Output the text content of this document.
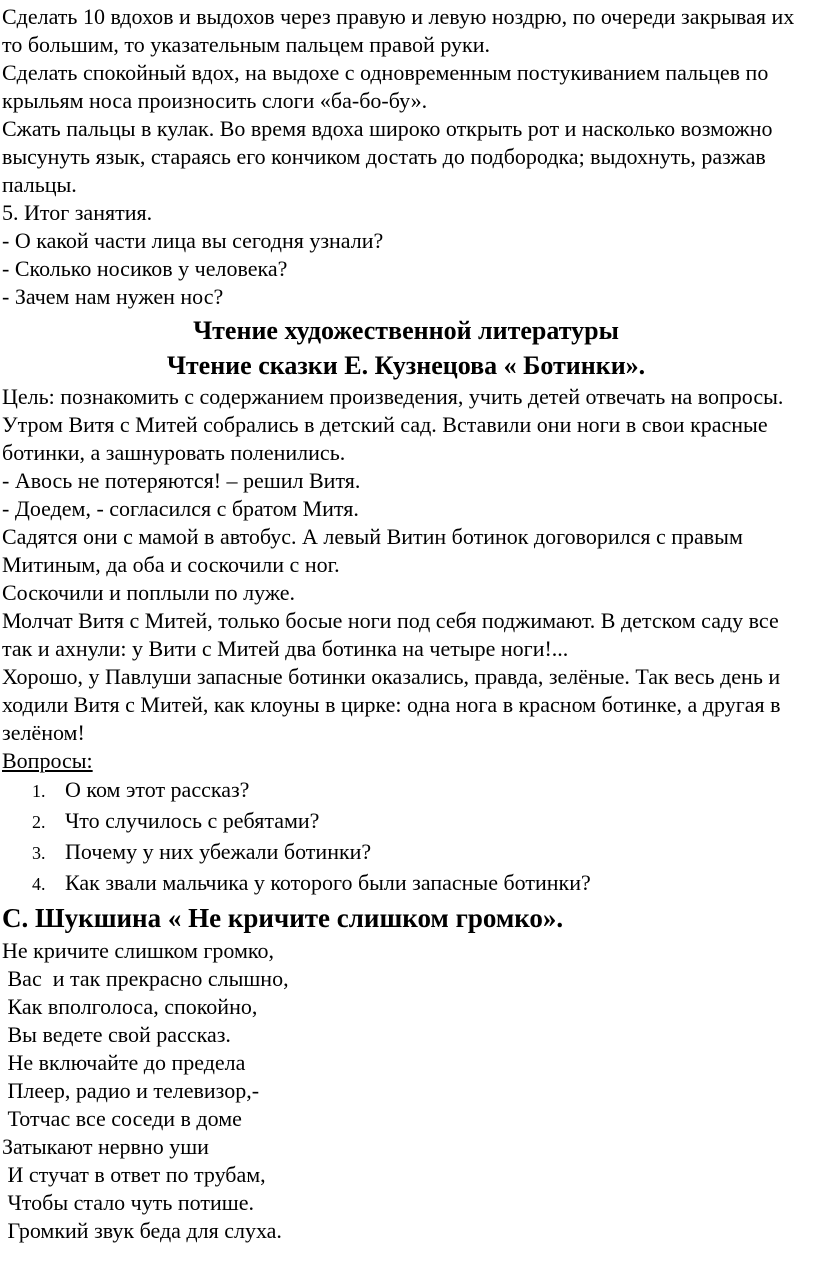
Сделать 10 вдохов и выдохов через правую и левую ноздрю, по очереди закрывая их то большим, то указательным пальцем правой руки.
Сделать спокойный вдох, на выдохе с одновременным постукиванием пальцев по крыльям носа произносить слоги «ба-бо-бу».
Сжать пальцы в кулак. Во время вдоха широко открыть рот и насколько возможно высунуть язык, стараясь его кончиком достать до подбородка; выдохнуть, разжав пальцы.
5. Итог занятия.
- О какой части лица вы сегодня узнали?
- Сколько носиков у человека?
- Зачем нам нужен нос?
Чтение художественной литературы
Чтение сказки Е. Кузнецова « Ботинки».
Цель: познакомить с содержанием произведения, учить детей отвечать на вопросы.
Утром Витя с Митей собрались в детский сад. Вставили они ноги в свои красные ботинки, а зашнуровать поленились.
- Авось не потеряются! – решил Витя.
- Доедем, - согласился с братом Митя.
Садятся они с мамой в автобус. А левый Витин ботинок договорился с правым Митиным, да оба и соскочили с ног.
Соскочили и поплыли по луже.
Молчат Витя с Митей, только босые ноги под себя поджимают. В детском саду все так и ахнули: у Вити с Митей два ботинка на четыре ноги!...
Хорошо, у Павлуши запасные ботинки оказались, правда, зелёные. Так весь день и ходили Витя с Митей, как клоуны в цирке: одна нога в красном ботинке, а другая в зелёном!
Вопросы:
1. О ком этот рассказ?
2. Что случилось с ребятами?
3. Почему у них убежали ботинки?
4. Как звали мальчика у которого были запасные ботинки?
С. Шукшина « Не кричите слишком громко».
Не кричите слишком громко,
Вас  и так прекрасно слышно,
Как вполголоса, спокойно,
Вы ведете свой рассказ.
Не включайте до предела
Плеер, радио и телевизор,-
Тотчас все соседи в доме
Затыкают нервно уши
И стучат в ответ по трубам,
Чтобы стало чуть потише.
Громкий звук беда для слуха.
